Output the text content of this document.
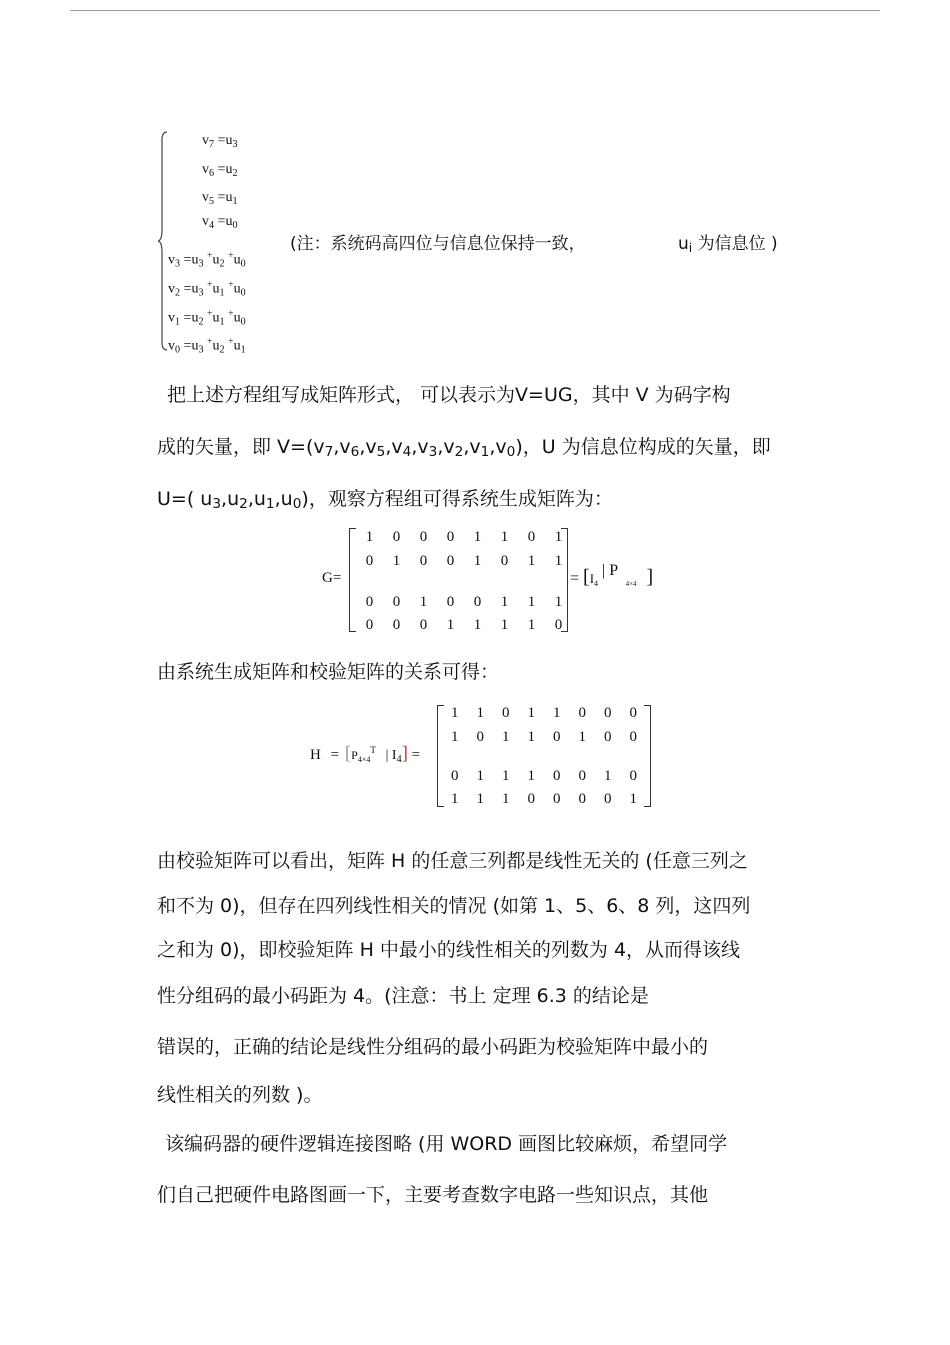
$v_7 =u_3$
$v_6 =u_2$
$v_5 =u_1$
$v_4 =u_0$
$v_3 =u_3$ $^+u_2$ $^+u_0$
$v_2 =u_3$ $^+u_1$ $^+u_0$
$v_1 =u_2$ $^+u_1$ $^+u_0$
$v_0 =u_3$ $^+u_2$ $^+u_1$
(注：系统码高四位与信息位保持一致，	$u_i$ 为信息位 )
把上述方程组写成矩阵形式， 可以表示为V=UG，其中 V 为码字构
成的矢量，即 $V=(v_7,v_6,v_5,v_4,v_3,v_2,v_1,v_0)$，U 为信息位构成的矢量，即
U=( $u_3,u_2,u_1,u_0$)，观察方程组可得系统生成矩阵为：
G=
1	0	0	0	1	1	0	1
0	1	0	0	1	0	1	1
0	0	1	0	0	1	1	1
0	0	0	1	1	1	1	0
= [$I_4$ | P $_{4\times 4}$ ]
由系统生成矩阵和校验矩阵的关系可得：
$H = [P_{4\times 4}^T$ | $I_4$] =
1	1	0	1	1	0	0	0
1	0	1	1	0	1	0	0
0	1	1	1	0	0	1	0
1	1	1	0	0	0	0	1
由校验矩阵可以看出，矩阵 H 的任意三列都是线性无关的 (任意三列之
和不为 0)，但存在四列线性相关的情况 (如第 1、5、6、8 列，这四列
之和为 0)，即校验矩阵 H 中最小的线性相关的列数为 4，从而得该线
性分组码的最小码距为 4。(注意：书上 定理 6.3 的结论是
错误的，正确的结论是线性分组码的最小码距为校验矩阵中最小的
线性相关的列数 )。
该编码器的硬件逻辑连接图略 (用 WORD 画图比较麻烦，希望同学
们自己把硬件电路图画一下，主要考查数字电路一些知识点，其他
